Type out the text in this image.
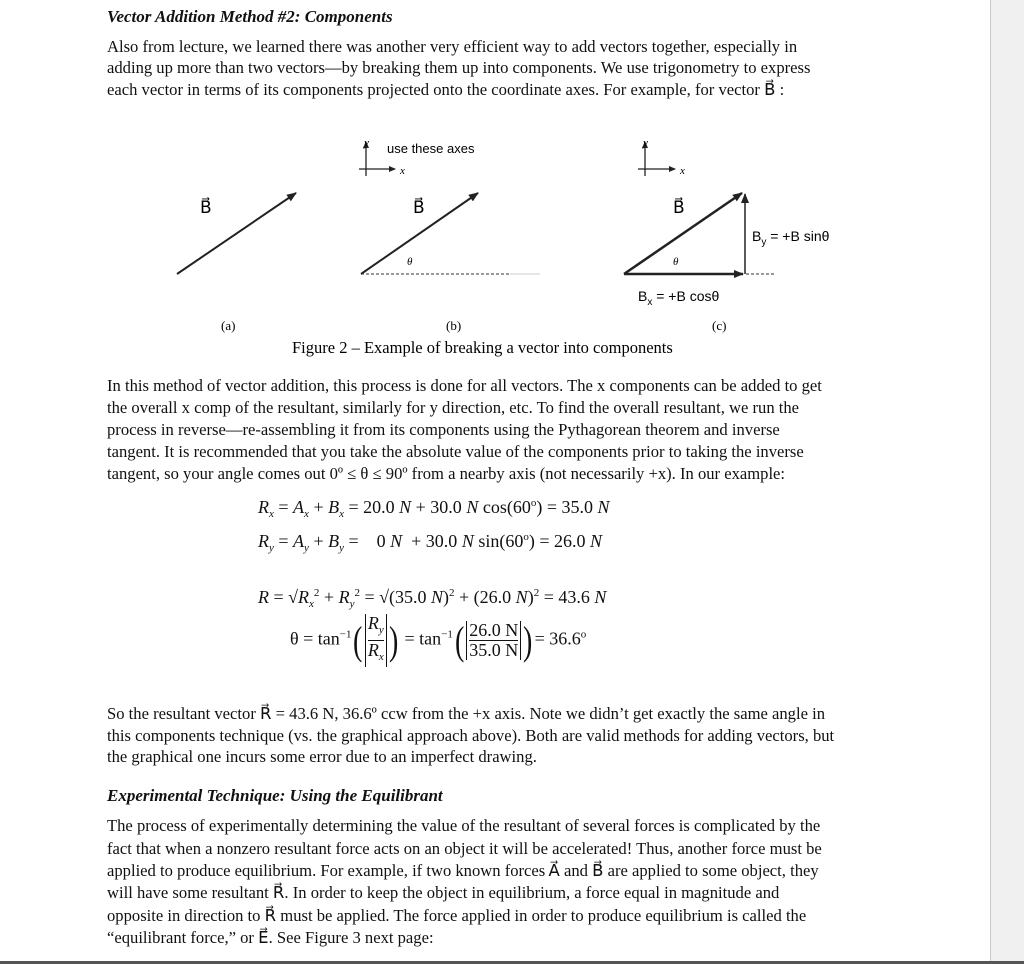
Vector Addition Method #2: Components
Also from lecture, we learned there was another very efficient way to add vectors together, especially in
adding up more than two vectors—by breaking them up into components. We use trigonometry to express
each vector in terms of its components projected onto the coordinate axes. For example, for vector B⃗ :
y
x
use these axes	y
x
B⃗	B⃗
θ
B⃗
θ
$B_y = +B$ sinθ
$B_x = +B$ cosθ
(a)	(b)	(c)
Figure 2 – Example of breaking a vector into components
In this method of vector addition, this process is done for all vectors. The x components can be added to get
the overall x comp of the resultant, similarly for y direction, etc. To find the overall resultant, we run the
process in reverse—re-assembling it from its components using the Pythagorean theorem and inverse
tangent. It is recommended that you take the absolute value of the components prior to taking the inverse
tangent, so your angle comes out 0º ≤ θ ≤ 90º from a nearby axis (not necessarily +x). In our example:
$R_x = A_x + B_x = 20.0$ N + 30.0 N $\cos(60^o) = 35.0$ N
$R_y = A_y + B_y$ =    0 N  + 30.0 N $\sin(60^o) = 26.0$ N
$R = √R_x^2 + R_y^2 = √(35.0$ N)$^2$ + (26.0 N)$^2$ = 43.6 N
$\theta = \tan^{-1}( \frac{R_y}{R_x}$ ) = $\tan^{-1}( \frac{26.0 N}{35.0 N}$ ) = $36.6^o$
So the resultant vector R⃗ = 43.6 N, 36.6º ccw from the +x axis. Note we didn’t get exactly the same angle in
this components technique (vs. the graphical approach above). Both are valid methods for adding vectors, but
the graphical one incurs some error due to an imperfect drawing.
Experimental Technique: Using the Equilibrant
The process of experimentally determining the value of the resultant of several forces is complicated by the
fact that when a nonzero resultant force acts on an object it will be accelerated! Thus, another force must be
applied to produce equilibrium. For example, if two known forces A⃗ and B⃗ are applied to some object, they
will have some resultant R⃗. In order to keep the object in equilibrium, a force equal in magnitude and
opposite in direction to R⃗ must be applied. The force applied in order to produce equilibrium is called the
“equilibrant force,” or E⃗. See Figure 3 next page:
